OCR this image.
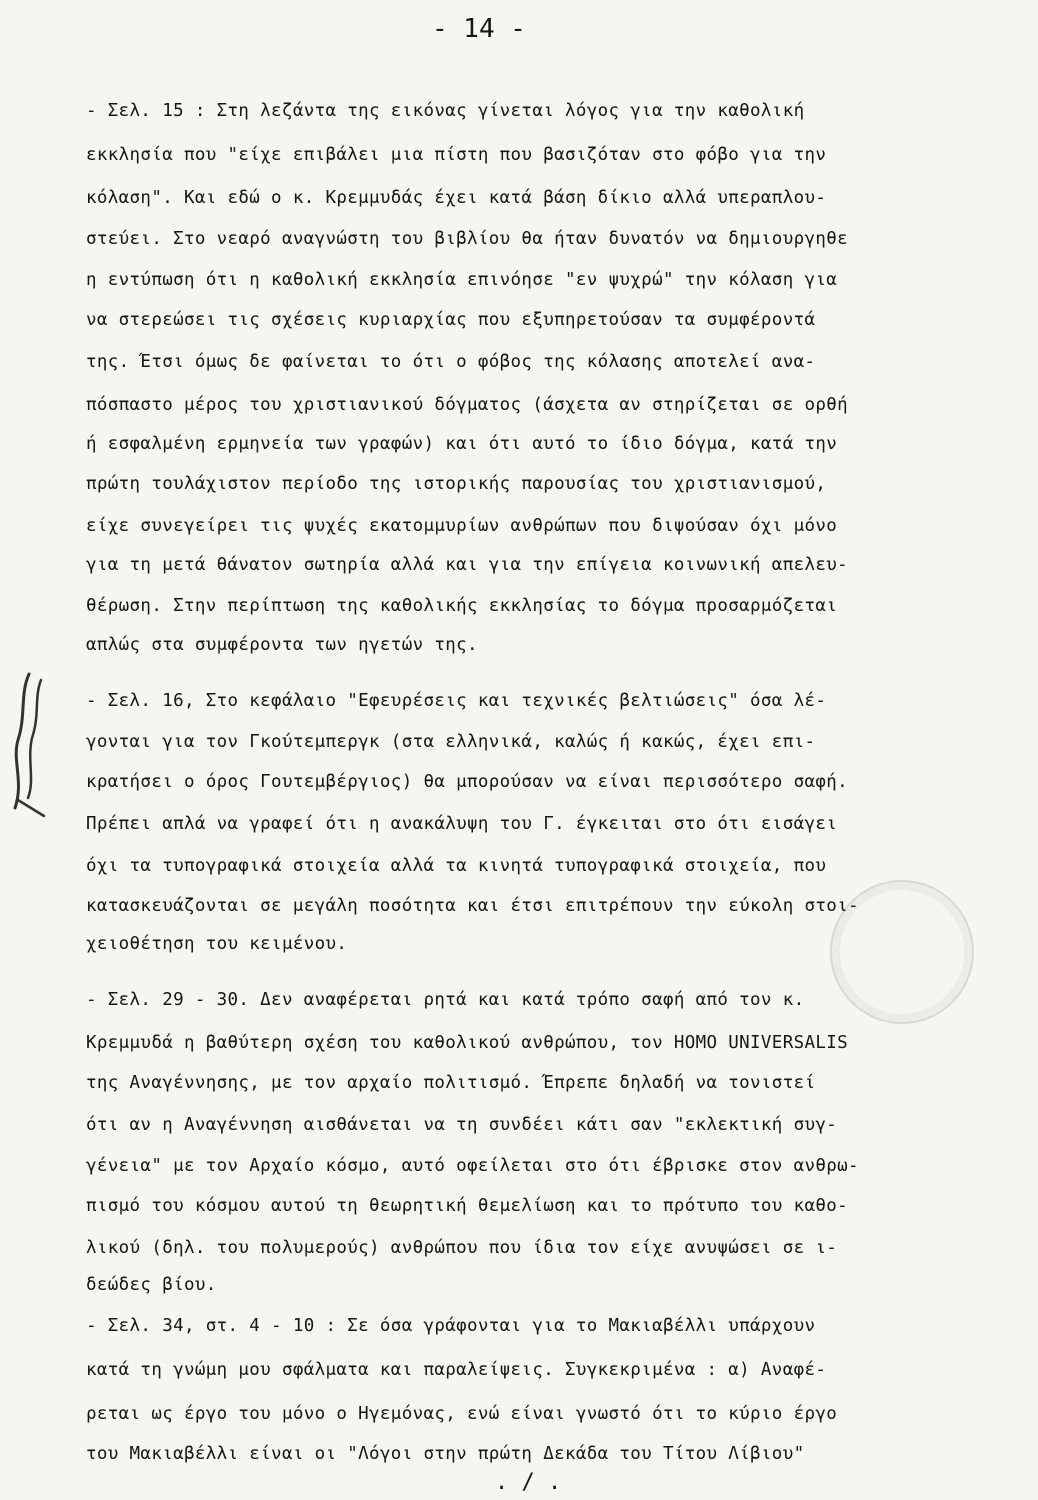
- 14 -
- Σελ. 15 : Στη λεζάντα της εικόνας γίνεται λόγος για την καθολική
εκκλησία που "είχε επιβάλει μια πίστη που βασιζόταν στο φόβο για την
κόλαση". Και εδώ ο κ. Κρεμμυδάς έχει κατά βάση δίκιο αλλά υπεραπλου-
στεύει. Στο νεαρό αναγνώστη του βιβλίου θα ήταν δυνατόν να δημιουργηθε
η εντύπωση ότι η καθολική εκκλησία επινόησε "εν ψυχρώ" την κόλαση για
να στερεώσει τις σχέσεις κυριαρχίας που εξυπηρετούσαν τα συμφέροντά
της. Έτσι όμως δε φαίνεται το ότι ο φόβος της κόλασης αποτελεί ανα-
πόσπαστο μέρος του χριστιανικού δόγματος (άσχετα αν στηρίζεται σε ορθή
ή εσφαλμένη ερμηνεία των γραφών) και ότι αυτό το ίδιο δόγμα, κατά την
πρώτη τουλάχιστον περίοδο της ιστορικής παρουσίας του χριστιανισμού,
είχε συνεγείρει τις ψυχές εκατομμυρίων ανθρώπων που διψούσαν όχι μόνο
για τη μετά θάνατον σωτηρία αλλά και για την επίγεια κοινωνική απελευ-
θέρωση. Στην περίπτωση της καθολικής εκκλησίας το δόγμα προσαρμόζεται
απλώς στα συμφέροντα των ηγετών της.
- Σελ. 16, Στο κεφάλαιο "Εφευρέσεις και τεχνικές βελτιώσεις" όσα λέ-
γονται για τον Γκούτεμπεργκ (στα ελληνικά, καλώς ή κακώς, έχει επι-
κρατήσει ο όρος Γουτεμβέργιος) θα μπορούσαν να είναι περισσότερο σαφή.
Πρέπει απλά να γραφεί ότι η ανακάλυψη του Γ. έγκειται στο ότι εισάγει
όχι τα τυπογραφικά στοιχεία αλλά τα κινητά τυπογραφικά στοιχεία, που
κατασκευάζονται σε μεγάλη ποσότητα και έτσι επιτρέπουν την εύκολη στοι-
χειοθέτηση του κειμένου.
- Σελ. 29 - 30. Δεν αναφέρεται ρητά και κατά τρόπο σαφή από τον κ.
Κρεμμυδά η βαθύτερη σχέση του καθολικού ανθρώπου, τον HOMO UNIVERSALIS
της Αναγέννησης, με τον αρχαίο πολιτισμό. Έπρεπε δηλαδή να τονιστεί
ότι αν η Αναγέννηση αισθάνεται να τη συνδέει κάτι σαν "εκλεκτική συγ-
γένεια" με τον Αρχαίο κόσμο, αυτό οφείλεται στο ότι έβρισκε στον ανθρω-
πισμό του κόσμου αυτού τη θεωρητική θεμελίωση και το πρότυπο του καθο-
λικού (δηλ. του πολυμερούς) ανθρώπου που ίδια τον είχε ανυψώσει σε ι-
δεώδες βίου.
- Σελ. 34, στ. 4 - 10 : Σε όσα γράφονται για το Μακιαβέλλι υπάρχουν
κατά τη γνώμη μου σφάλματα και παραλείψεις. Συγκεκριμένα : α) Αναφέ-
ρεται ως έργο του μόνο ο Ηγεμόνας, ενώ είναι γνωστό ότι το κύριο έργο
του Μακιαβέλλι είναι οι "Λόγοι στην πρώτη Δεκάδα του Τίτου Λίβιου"
. / .
